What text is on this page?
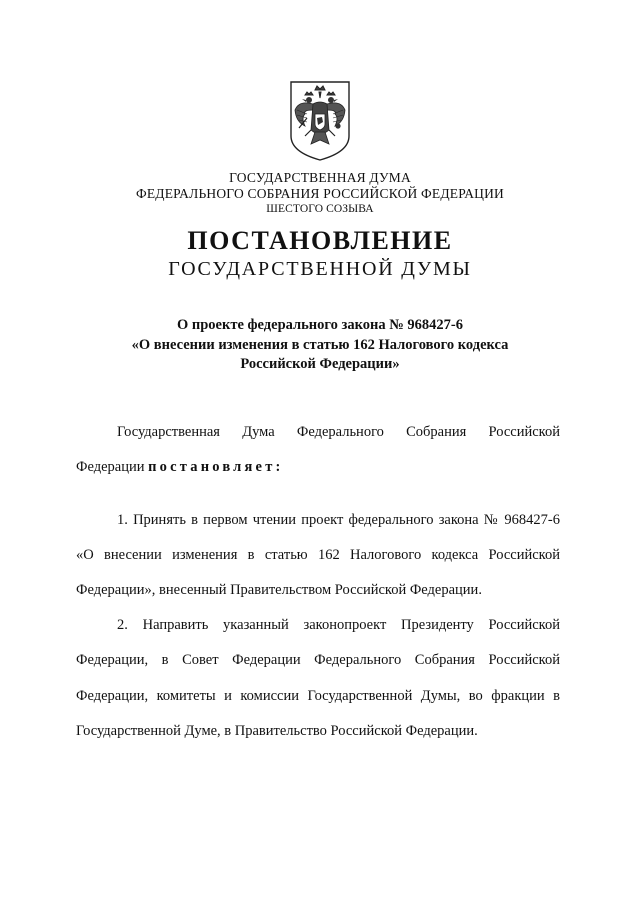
ГОСУДАРСТВЕННАЯ ДУМА
ФЕДЕРАЛЬНОГО СОБРАНИЯ РОССИЙСКОЙ ФЕДЕРАЦИИ
ШЕСТОГО СОЗЫВА
ПОСТАНОВЛЕНИЕ
ГОСУДАРСТВЕННОЙ ДУМЫ
О проекте федерального закона № 968427-6
«О внесении изменения в статью 162 Налогового кодекса
Российской Федерации»
Государственная Дума Федерального Собрания Российской
Федерации постановляет:
1. Принять в первом чтении проект федерального закона № 968427-6
«О внесении изменения в статью 162 Налогового кодекса Российской
Федерации», внесенный Правительством Российской Федерации.
2. Направить указанный законопроект Президенту Российской
Федерации, в Совет Федерации Федерального Собрания Российской
Федерации, комитеты и комиссии Государственной Думы, во фракции в
Государственной Думе, в Правительство Российской Федерации.
